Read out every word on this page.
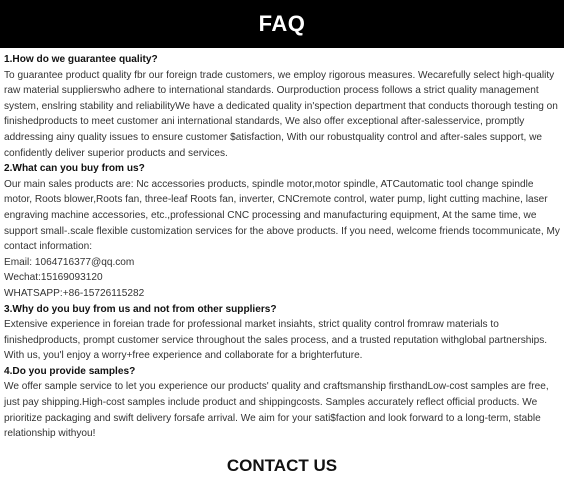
FAQ
1.How do we guarantee quality?
To guarantee product quality fbr our foreign trade customers, we employ rigorous measures. Wecarefully select high-quality raw material supplierswho adhere to international standards. Ourproduction process follows a strict quality management system, enslring stability and reliabilityWe have a dedicated quality in'spection department that conducts thorough testing on finishedproducts to meet customer ani international standards, We also offer exceptional after-salesservice, promptly addressing ainy quality issues to ensure customer $atisfaction, With our robustquality control and after-sales support, we confidently deliver superior products and services.
2.What can you buy from us?
Our main sales products are: Nc accessories products, spindle motor,motor spindle, ATCautomatic tool change spindle motor, Roots blower,Roots fan, three-leaf Roots fan, inverter, CNCremote control, water pump, light cutting machine, laser engraving machine accessories, etc.,professional CNC processing and manufacturing equipment, At the same time, we support small-.scale flexible customization services for the above products. If you need, welcome friends tocommunicate, My contact information:
Email: 1064716377@qq.com
Wechat:15169093120
WHATSAPP:+86-15726115282
3.Why do you buy from us and not from other suppliers?
Extensive experience in foreian trade for professional market insiahts, strict quality control fromraw materials to finishedproducts, prompt customer service throughout the sales process, and a trusted reputation withglobal partnerships. With us, you'l enjoy a worry+free experience and collaborate for a brighterfuture.
4.Do you provide samples?
We offer sample service to let you experience our products' quality and craftsmanship firsthandLow-cost samples are free, just pay shipping.High-cost samples include product and shippingcosts. Samples accurately reflect official products. We prioritize packaging and swift delivery forsafe arrival. We aim for your sati$faction and look forward to a long-term, stable relationship withyou!
CONTACT US
